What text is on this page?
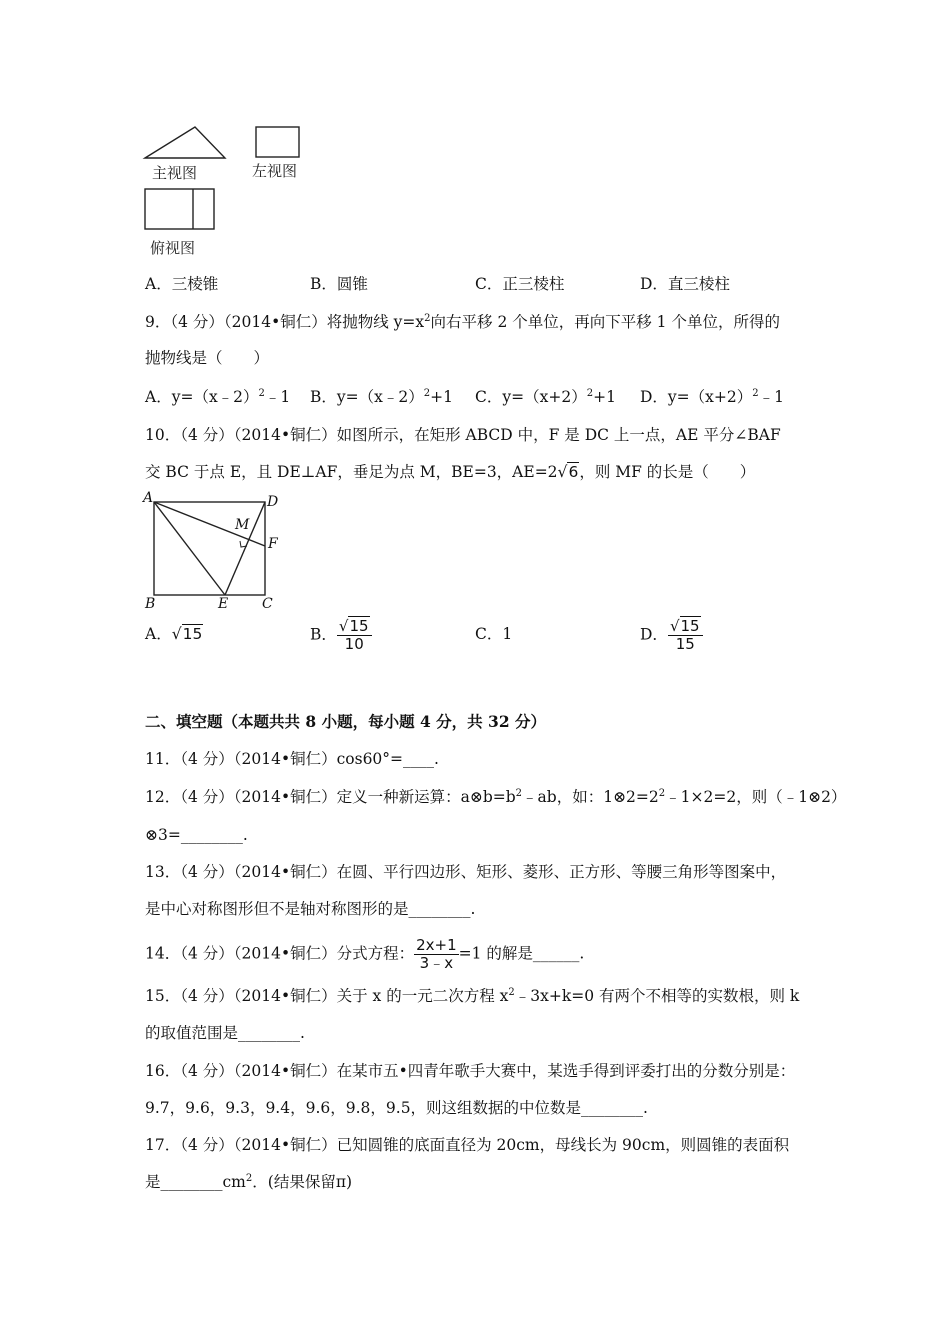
主视图	左视图
俯视图
A．三棱锥	B．圆锥	C．正三棱柱	D．直三棱柱
9．（4 分）（2014•铜仁）将抛物线 $y=x^2$向右平移 2 个单位，再向下平移 1 个单位，所得的
抛物线是（　　）
A．y=（x﹣2）$^2$﹣1 B．y=（x﹣2）$^2$+1 C．$y=(x+2)^2+1$ D．$y=(x+2)^2﹣1$
10．（4 分）（2014•铜仁）如图所示，在矩形 ABCD 中，F 是 DC 上一点，AE 平分∠BAF
交 BC 于点 E，且 DE⊥AF，垂足为点 M，BE=3，AE=2√6，则 MF 的长是（　　）
A	D
M
F
B	E C
A．√15	B． $\frac{√15}{10}$	C．1	D． $\frac{√15}{15}$
二、填空题（本题共共 8 小题，每小题 4 分，共 32 分）
11．（4 分）（2014•铜仁）cos60°=____.
12．（4 分）（2014•铜仁）定义一种新运算：$a\otimes b=b^2﹣ab$，如：$1\otimes 2=2^2﹣1\times 2=2$，则（﹣1⊗2）
⊗3=________.
13．（4 分）（2014•铜仁）在圆、平行四边形、矩形、菱形、正方形、等腰三角形等图案中，
是中心对称图形但不是轴对称图形的是________.
14．（4 分）（2014•铜仁）分式方程： $\frac{2x+1}{3﹣x} =1$ 的解是______.
15．（4 分）（2014•铜仁）关于 x 的一元二次方程 $x^2﹣3x+k=0$ 有两个不相等的实数根，则 k
的取值范围是________.
16．（4 分）（2014•铜仁）在某市五•四青年歌手大赛中，某选手得到评委打出的分数分别是：
9.7，9.6，9.3，9.4，9.6，9.8，9.5，则这组数据的中位数是________.
17．（4 分）（2014•铜仁）已知圆锥的底面直径为 20cm，母线长为 90cm，则圆锥的表面积
是$\_\_\_\_\_\_\_\_cm^2$．(结果保留π)
